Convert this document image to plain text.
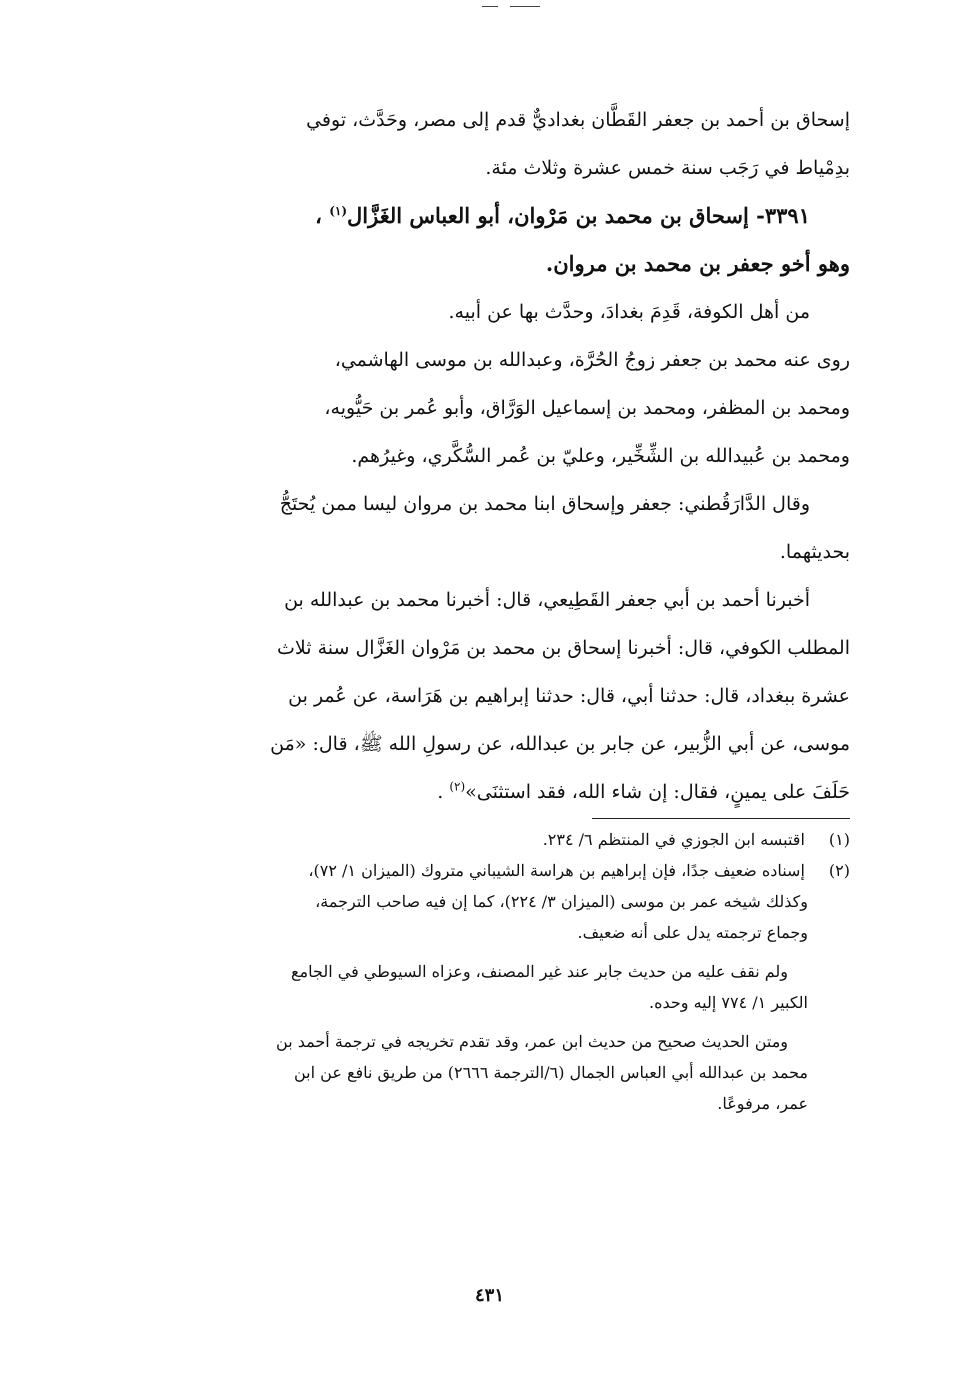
إسحاق بن أحمد بن جعفر القَطَّان بغداديٌّ قدم إلى مصر، وحَدَّث، توفي
بدِمْياط في رَجَب سنة خمس عشرة وثلاث مئة.
٣٣٩١- إسحاق بن محمد بن مَرْوان، أبو العباس الغَزَّال$^{(١)}$ ،
وهو أخو جعفر بن محمد بن مروان.
من أهل الكوفة، قَدِمَ بغدادَ، وحدَّث بها عن أبيه.
روى عنه محمد بن جعفر زوجُ الحُرَّة، وعبدالله بن موسى الهاشمي،
ومحمد بن المظفر، ومحمد بن إسماعيل الوَرَّاق، وأبو عُمر بن حَيُّويه،
ومحمد بن عُبيدالله بن الشِّخِّير، وعليّ بن عُمر السُّكَّري، وغيرُهم.
وقال الدَّارَقُطني: جعفر وإسحاق ابنا محمد بن مروان ليسا ممن يُحتَجُّ
بحديثهما.
أخبرنا أحمد بن أبي جعفر القَطِيعي، قال: أخبرنا محمد بن عبدالله بن
المطلب الكوفي، قال: أخبرنا إسحاق بن محمد بن مَرْوان الغَزَّال سنة ثلاث
عشرة ببغداد، قال: حدثنا أبي، قال: حدثنا إبراهيم بن هَرَاسة، عن عُمر بن
موسى، عن أبي الزُّبير، عن جابر بن عبدالله، عن رسولِ الله ﷺ، قال: «مَن
حَلَفَ على يمينٍ، فقال: إن شاء الله، فقد استثنَى»$^{(٢)}$ .
(١) اقتبسه ابن الجوزي في المنتظم ٦/ ٢٣٤.
(٢) إسناده ضعيف جدًا، فإن إبراهيم بن هراسة الشيباني متروك (الميزان ١/ ٧٢)،
وكذلك شيخه عمر بن موسى (الميزان ٣/ ٢٢٤)، كما إن فيه صاحب الترجمة،
وجماع ترجمته يدل على أنه ضعيف.
ولم نقف عليه من حديث جابر عند غير المصنف، وعزاه السيوطي في الجامع
الكبير ١/ ٧٧٤ إليه وحده.
ومتن الحديث صحيح من حديث ابن عمر، وقد تقدم تخريجه في ترجمة أحمد بن
محمد بن عبدالله أبي العباس الجمال (٦/الترجمة ٢٦٦٦) من طريق نافع عن ابن
عمر، مرفوعًا.
٤٣١
